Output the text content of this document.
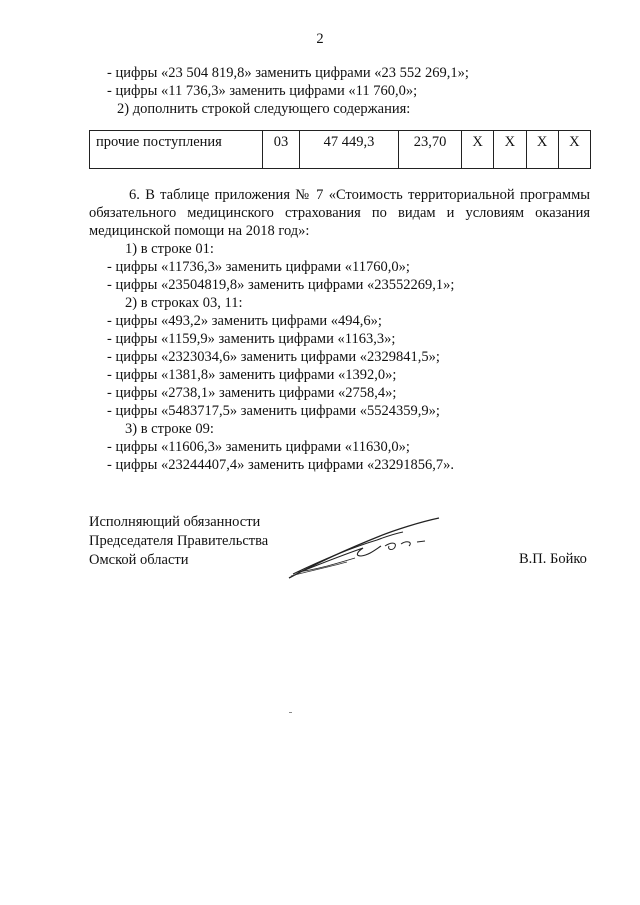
2
- цифры «23 504 819,8» заменить цифрами «23 552 269,1»;
- цифры «11 736,3» заменить цифрами «11 760,0»;
2) дополнить строкой следующего содержания:
прочие поступления	03	47 449,3	23,70	Х	Х	Х	Х
6. В таблице приложения № 7 «Стоимость территориальной программы
обязательного медицинского страхования по видам и условиям оказания
медицинской помощи на 2018 год»:
1) в строке 01:
- цифры «11736,3» заменить цифрами «11760,0»;
- цифры «23504819,8» заменить цифрами «23552269,1»;
2) в строках 03, 11:
- цифры «493,2» заменить цифрами «494,6»;
- цифры «1159,9» заменить цифрами «1163,3»;
- цифры «2323034,6» заменить цифрами «2329841,5»;
- цифры «1381,8» заменить цифрами «1392,0»;
- цифры «2738,1» заменить цифрами «2758,4»;
- цифры «5483717,5» заменить цифрами «5524359,9»;
3) в строке 09:
- цифры «11606,3» заменить цифрами «11630,0»;
- цифры «23244407,4» заменить цифрами «23291856,7».
Исполняющий обязанности
Председателя Правительства
Омской области	В.П. Бойко
